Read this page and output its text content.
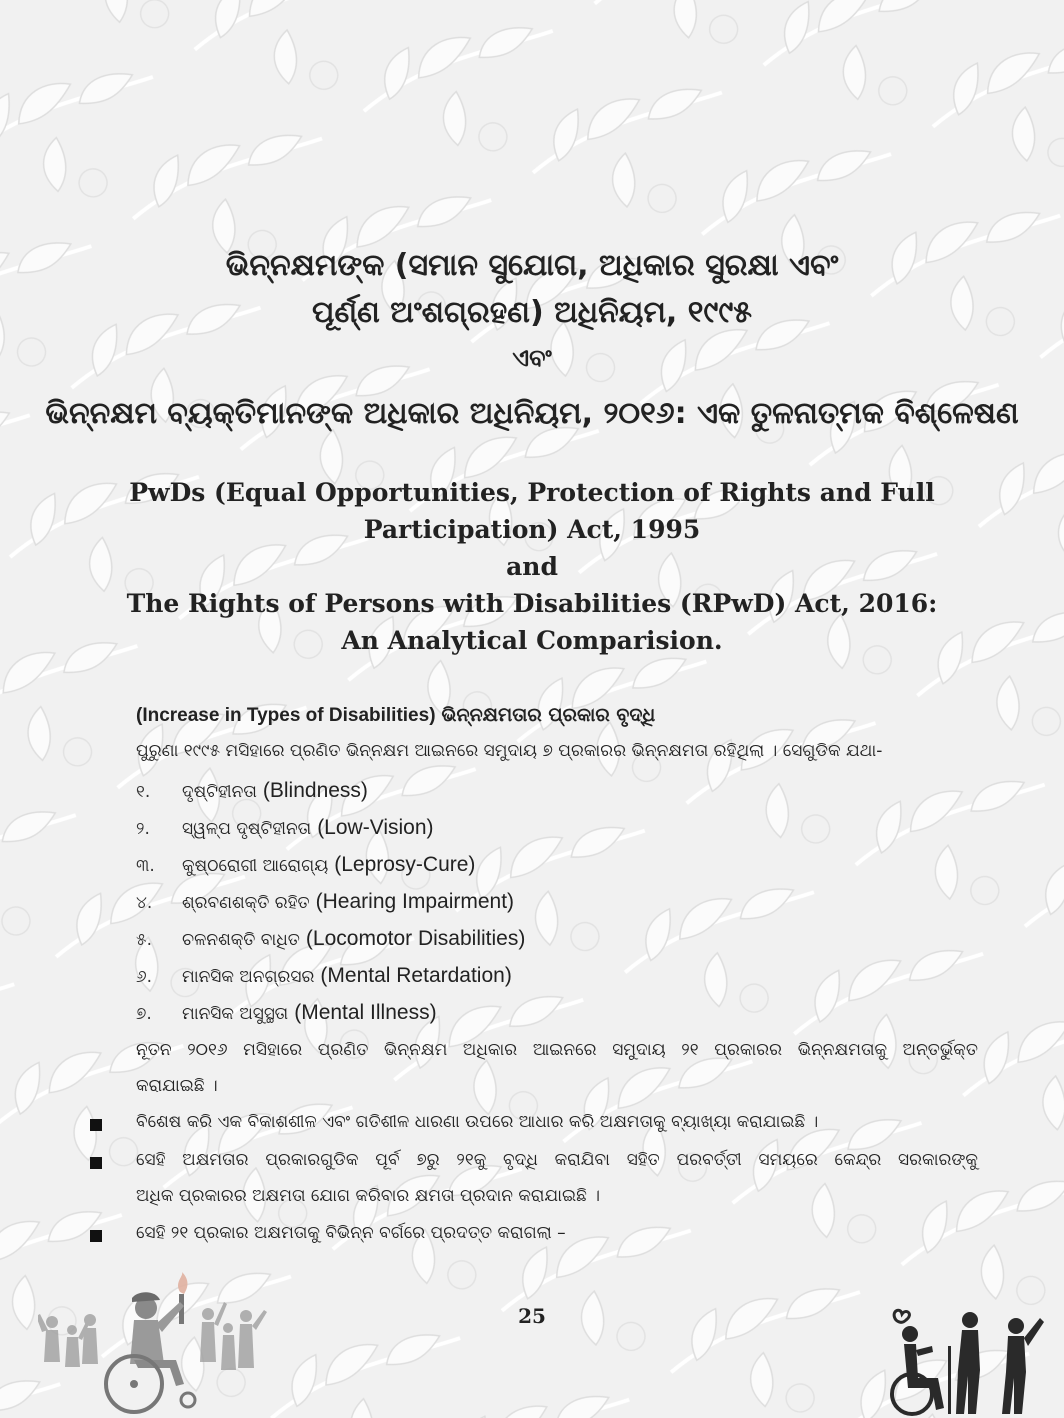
ଭିନ୍ନକ୍ଷମଙ୍କ (ସମାନ ସୁଯୋଗ, ଅଧିକାର ସୁରକ୍ଷା ଏବଂ
ପୂର୍ଣ୍ଣ ଅଂଶଗ୍ରହଣ) ଅଧିନିୟମ, ୧୯୯୫
ଏବଂ
ଭିନ୍ନକ୍ଷମ ବ୍ୟକ୍ତିମାନଙ୍କ ଅଧିକାର ଅଧିନିୟମ, ୨୦୧୬: ଏକ ତୁଳନାତ୍ମକ ବିଶ୍ଳେଷଣ
PwDs (Equal Opportunities, Protection of Rights and Full
Participation) Act, 1995
and
The Rights of Persons with Disabilities (RPwD) Act, 2016:
An Analytical Comparision.
(Increase in Types of Disabilities) ଭିନ୍ନକ୍ଷମତାର ପ୍ରକାର ବୃଦ୍ଧି
ପୁରୁଣା ୧୯୯୫ ମସିହାରେ ପ୍ରଣିତ ଭିନ୍ନକ୍ଷମ ଆଇନରେ ସମୁଦାୟ ୭ ପ୍ରକାରର ଭିନ୍ନକ୍ଷମତା ରହିଥିଲା । ସେଗୁଡିକ ଯଥା-
୧. ଦୃଷ୍ଟିହୀନତା (Blindness)
୨. ସ୍ୱଳ୍ପ ଦୃଷ୍ଟିହୀନତା (Low-Vision)
୩. କୁଷ୍ଠରୋଗୀ ଆରୋଗ୍ୟ (Leprosy-Cure)
୪. ଶ୍ରବଣଶକ୍ତି ରହିତ (Hearing Impairment)
୫. ଚଳନଶକ୍ତି ବାଧିତ (Locomotor Disabilities)
୬. ମାନସିକ ଅନଗ୍ରସର (Mental Retardation)
୭. ମାନସିକ ଅସୁସ୍ଥତା (Mental Illness)
ନୂତନ ୨୦୧୬ ମସିହାରେ ପ୍ରଣିତ ଭିନ୍ନକ୍ଷମ ଅଧିକାର ଆଇନରେ ସମୁଦାୟ ୨୧ ପ୍ରକାରର ଭିନ୍ନକ୍ଷମତାକୁ ଅନ୍ତର୍ଭୁକ୍ତ
କରାଯାଇଛି ।
ବିଶେଷ କରି ଏକ ବିକାଶଶୀଳ ଏବଂ ଗତିଶୀଳ ଧାରଣା ଉପରେ ଆଧାର କରି ଅକ୍ଷମତାକୁ ବ୍ୟାଖ୍ୟା କରାଯାଇଛି ।
ସେହି ଅକ୍ଷମତାର ପ୍ରକାରଗୁଡିକ ପୂର୍ବ ୭ରୁ ୨୧କୁ ବୃଦ୍ଧି କରାଯିବା ସହିତ ପରବର୍ତ୍ତୀ ସମୟରେ କେନ୍ଦ୍ର ସରକାରଙ୍କୁ
ଅଧିକ ପ୍ରକାରର ଅକ୍ଷମତା ଯୋଗ କରିବାର କ୍ଷମତା ପ୍ରଦାନ କରାଯାଇଛି ।
ସେହି ୨୧ ପ୍ରକାର ଅକ୍ଷମତାକୁ ବିଭିନ୍ନ ବର୍ଗରେ ପ୍ରଦତ୍ତ କରାଗଲା –
25
